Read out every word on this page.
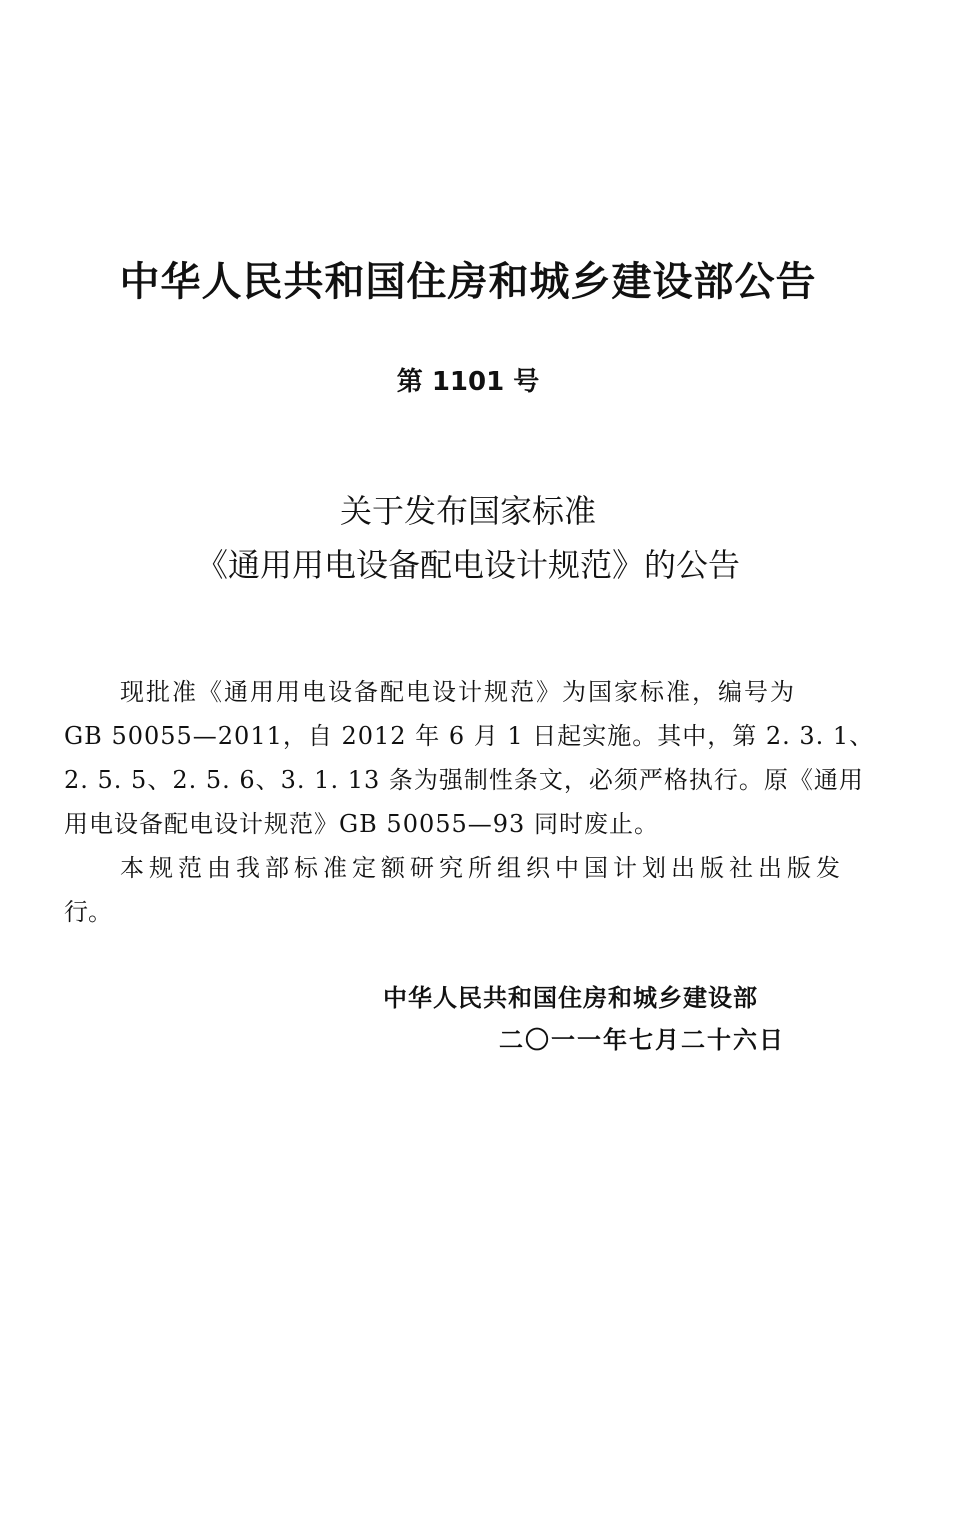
中华人民共和国住房和城乡建设部公告
第 1101 号
关于发布国家标准
《通用用电设备配电设计规范》的公告
现批准《通用用电设备配电设计规范》为国家标准，编号为
GB 50055—2011，自 2012 年 6 月 1 日起实施。其中，第 2. 3. 1、
2. 5. 5、2. 5. 6、3. 1. 13 条为强制性条文，必须严格执行。原《通用
用电设备配电设计规范》GB 50055—93 同时废止。
本规范由我部标准定额研究所组织中国计划出版社出版发
行。
中华人民共和国住房和城乡建设部
二〇一一年七月二十六日
